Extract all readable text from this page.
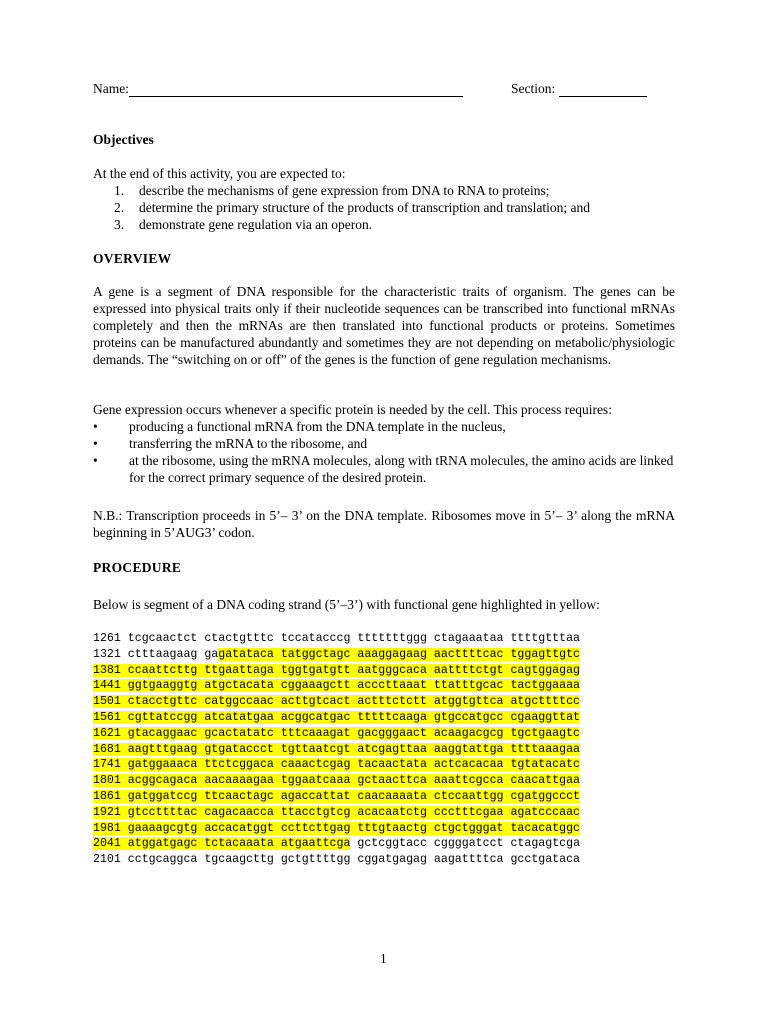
Name:	Section:
Objectives
At the end of this activity, you are expected to:
1. describe the mechanisms of gene expression from DNA to RNA to proteins;
2. determine the primary structure of the products of transcription and translation; and
3. demonstrate gene regulation via an operon.
OVERVIEW
A gene is a segment of DNA responsible for the characteristic traits of organism. The genes can be expressed into physical traits only if their nucleotide sequences can be transcribed into functional mRNAs completely and then the mRNAs are then translated into functional products or proteins. Sometimes proteins can be manufactured abundantly and sometimes they are not depending on metabolic/physiologic demands. The “switching on or off” of the genes is the function of gene regulation mechanisms.
Gene expression occurs whenever a specific protein is needed by the cell. This process requires:
• producing a functional mRNA from the DNA template in the nucleus,
• transferring the mRNA to the ribosome, and
• at the ribosome, using the mRNA molecules, along with tRNA molecules, the amino acids are linked for the correct primary sequence of the desired protein.
N.B.: Transcription proceeds in 5’– 3’ on the DNA template. Ribosomes move in 5’– 3’ along the mRNA beginning in 5’AUG3’ codon.
PROCEDURE
Below is segment of a DNA coding strand (5’–3’) with functional gene highlighted in yellow:
1261 tcgcaactct ctactgtttc tccatacccg tttttttggg ctagaaataa ttttgtttaa
1321 ctttaagaag gagatataca tatggctagc aaaggagaag aacttttcac tggagttgtc
1381 ccaattcttg ttgaattaga tggtgatgtt aatgggcaca aattttctgt cagtggagag
1441 ggtgaaggtg atgctacata cggaaagctt acccttaaat ttatttgcac tactggaaaa
1501 ctacctgttc catggccaac acttgtcact actttctctt atggtgttca atgcttttcc
1561 cgttatccgg atcatatgaa acggcatgac tttttcaaga gtgccatgcc cgaaggttat
1621 gtacaggaac gcactatatc tttcaaagat gacgggaact acaagacgcg tgctgaagtc
1681 aagtttgaag gtgataccct tgttaatcgt atcgagttaa aaggtattga ttttaaagaa
1741 gatggaaaca ttctcggaca caaactcgag tacaactata actcacacaa tgtatacatc
1801 acggcagaca aacaaaagaa tggaatcaaa gctaacttca aaattcgcca caacattgaa
1861 gatggatccg ttcaactagc agaccattat caacaaaata ctccaattgg cgatggccct
1921 gtccttttac cagacaacca ttacctgtcg acacaatctg ccctttcgaa agatcccaac
1981 gaaaagcgtg accacatggt ccttcttgag tttgtaactg ctgctgggat tacacatggc
2041 atggatgagc tctacaaata atgaattcga gctcggtacc cggggatcct ctagagtcga
2101 cctgcaggca tgcaagcttg gctgttttgg cggatgagag aagattttca gcctgataca
1
